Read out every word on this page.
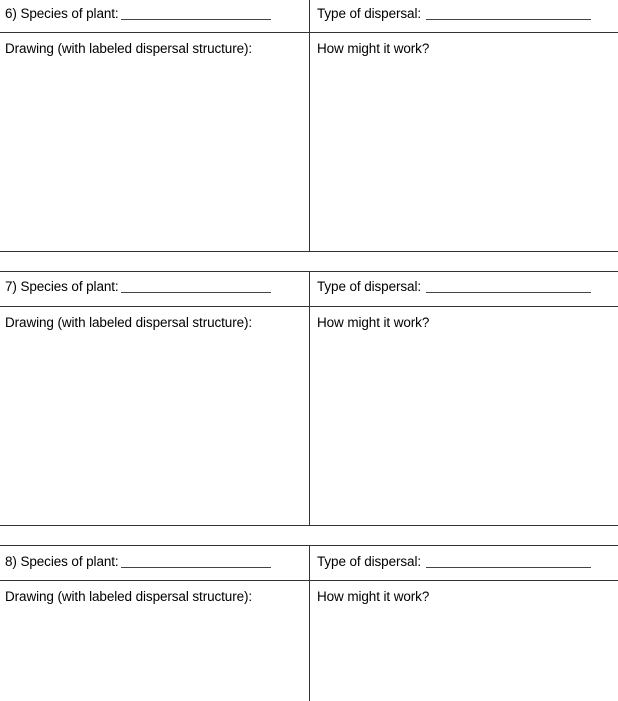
6) Species of plant:	Type of dispersal:
Drawing (with labeled dispersal structure):	How might it work?
7) Species of plant:	Type of dispersal:
Drawing (with labeled dispersal structure):	How might it work?
8) Species of plant:	Type of dispersal:
Drawing (with labeled dispersal structure):	How might it work?
